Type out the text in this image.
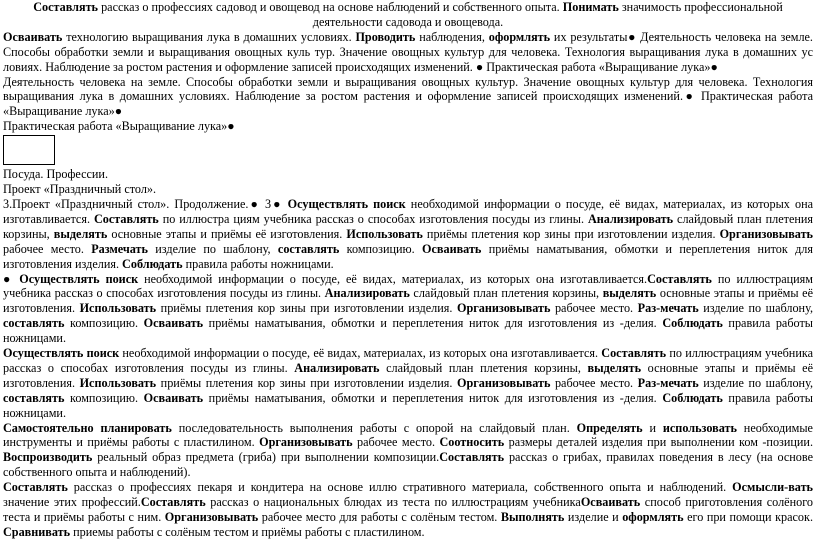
Составлять рассказ о профессиях садовод и овощевод на основе наблюдений и собственного опыта. Понимать значимость профессиональной деятельности садовода и овощевода.

Осваивать технологию выращивания лука в домашних условиях. Проводить наблюдения, оформлять их результаты● Деятельность человека на земле. Способы обработки земли и выращивания овощных куль тур. Значение овощных культур для человека. Технология выращивания лука в домашних ус ловиях. Наблюдение за ростом растения и оформление записей происходящих изменений. ● Практическая работа «Выращивание лука»●

Деятельность человека на земле. Способы обработки земли и выращивания овощных культур. Значение овощных культур для человека. Технология выращивания лука в домашних условиях. Наблюдение за ростом растения и оформление записей происходящих изменений.● Практическая работа «Выращивание лука»●

Практическая работа «Выращивание лука»●

Посуда. Профессии.

Проект «Праздничный стол».

3.Проект «Праздничный стол». Продолжение.● 3● Осуществлять поиск необходимой информации о посуде, её видах, материалах, из которых она изготавливается. Составлять по иллюстра циям учебника рассказ о способах изготовления посуды из глины. Анализировать слайдовый план плетения корзины, выделять основные этапы и приёмы её изготовления. Использовать приёмы плетения кор зины при изготовлении изделия. Организовывать рабочее место. Размечать изделие по шаблону, составлять композицию. Осваивать приёмы наматывания, обмотки и переплетения ниток для изготовления изделия. Соблюдать правила работы ножницами.

● Осуществлять поиск необходимой информации о посуде, её видах, материалах, из которых она изготавливается.Составлять по иллюстрациям учебника рассказ о способах изготовления посуды из глины. Анализировать слайдовый план плетения корзины, выделять основные этапы и приёмы её изготовления. Использовать приёмы плетения кор зины при изготовлении изделия. Организовывать рабочее место. Раз-мечать изделие по шаблону, составлять композицию. Осваивать приёмы наматывания, обмотки и переплетения ниток для изготовления из -делия. Соблюдать правила работы ножницами.

Осуществлять поиск необходимой информации о посуде, её видах, материалах, из которых она изготавливается. Составлять по иллюстрациям учебника рассказ о способах изготовления посуды из глины. Анализировать слайдовый план плетения корзины, выделять основные этапы и приёмы её изготовления. Использовать приёмы плетения кор зины при изготовлении изделия. Организовывать рабочее место. Раз-мечать изделие по шаблону, составлять композицию. Осваивать приёмы наматывания, обмотки и переплетения ниток для изготовления из -делия. Соблюдать правила работы ножницами.

Самостоятельно планировать последовательность выполнения работы с опорой на слайдовый план. Определять и использовать необходимые инструменты и приёмы работы с пластилином. Организовывать рабочее место. Соотносить размеры деталей изделия при выполнении ком -позиции. Воспроизводить реальный образ предмета (гриба) при выполнении композиции.Составлять рассказ о грибах, правилах поведения в лесу (на основе собственного опыта и наблюдений).

Составлять рассказ о профессиях пекаря и кондитера на основе иллю стративного материала, собственного опыта и наблюдений. Осмысли-вать значение этих профессий.Составлять рассказ о национальных блюдах из теста по иллюстрациям учебникаОсваивать способ приготовления солёного теста и приёмы работы с ним. Организовывать рабочее место для работы с солёным тестом. Выполнять изделие и оформлять его при помощи красок. Сравнивать приемы работы с солёным тестом и приёмы работы с пластилином.
